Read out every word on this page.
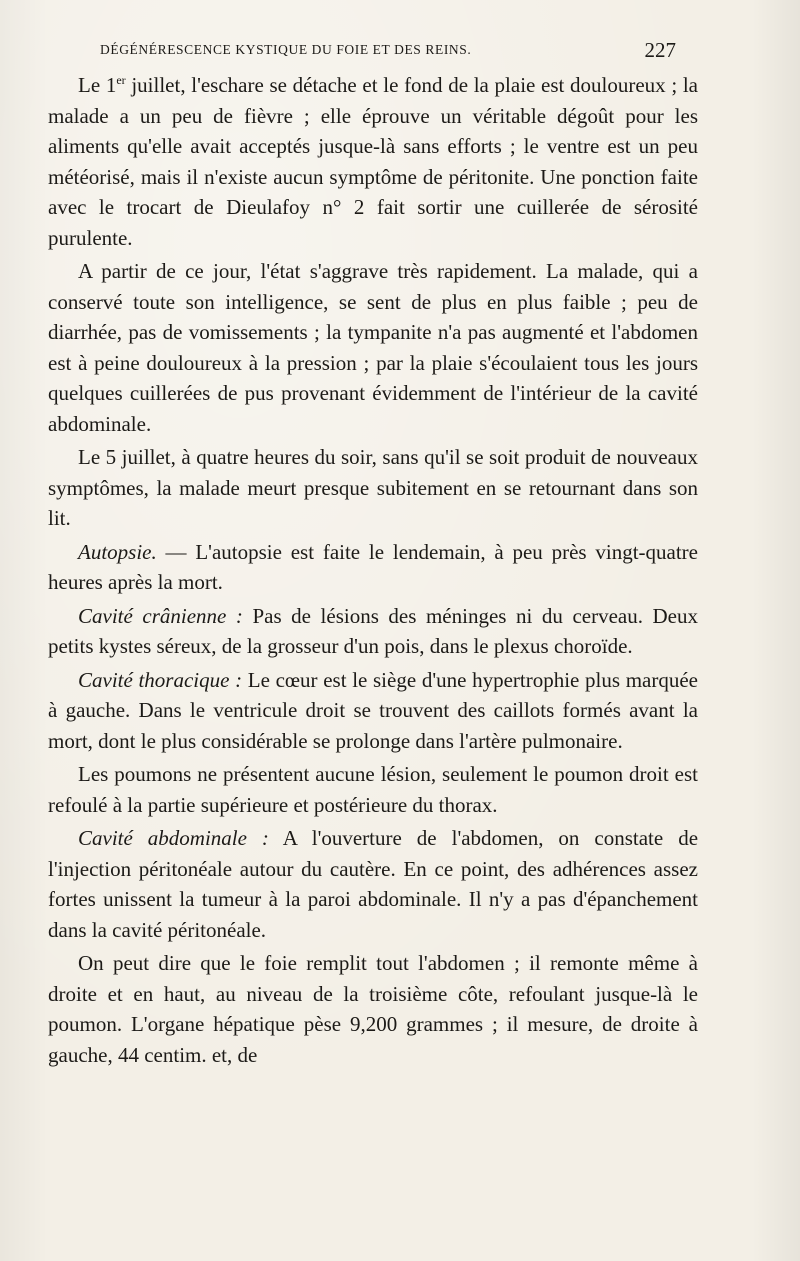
DÉGÉNÉRESCENCE KYSTIQUE DU FOIE ET DES REINS.	227

Le 1er juillet, l'eschare se détache et le fond de la plaie est douloureux ; la malade a un peu de fièvre ; elle éprouve un véritable dégoût pour les aliments qu'elle avait acceptés jusque-là sans efforts ; le ventre est un peu météorisé, mais il n'existe aucun symptôme de péritonite. Une ponction faite avec le trocart de Dieulafoy n° 2 fait sortir une cuillerée de sérosité purulente.

A partir de ce jour, l'état s'aggrave très rapidement. La malade, qui a conservé toute son intelligence, se sent de plus en plus faible ; peu de diarrhée, pas de vomissements ; la tympanite n'a pas augmenté et l'abdomen est à peine douloureux à la pression ; par la plaie s'écoulaient tous les jours quelques cuillerées de pus provenant évidemment de l'intérieur de la cavité abdominale.

Le 5 juillet, à quatre heures du soir, sans qu'il se soit produit de nouveaux symptômes, la malade meurt presque subitement en se retournant dans son lit.

Autopsie. — L'autopsie est faite le lendemain, à peu près vingt-quatre heures après la mort.

Cavité crânienne : Pas de lésions des méninges ni du cerveau. Deux petits kystes séreux, de la grosseur d'un pois, dans le plexus choroïde.

Cavité thoracique : Le cœur est le siège d'une hypertrophie plus marquée à gauche. Dans le ventricule droit se trouvent des caillots formés avant la mort, dont le plus considérable se prolonge dans l'artère pulmonaire.

Les poumons ne présentent aucune lésion, seulement le poumon droit est refoulé à la partie supérieure et postérieure du thorax.

Cavité abdominale : A l'ouverture de l'abdomen, on constate de l'injection péritonéale autour du cautère. En ce point, des adhérences assez fortes unissent la tumeur à la paroi abdominale. Il n'y a pas d'épanchement dans la cavité péritonéale.

On peut dire que le foie remplit tout l'abdomen ; il remonte même à droite et en haut, au niveau de la troisième côte, refoulant jusque-là le poumon. L'organe hépatique pèse 9,200 grammes ; il mesure, de droite à gauche, 44 centim. et, de
